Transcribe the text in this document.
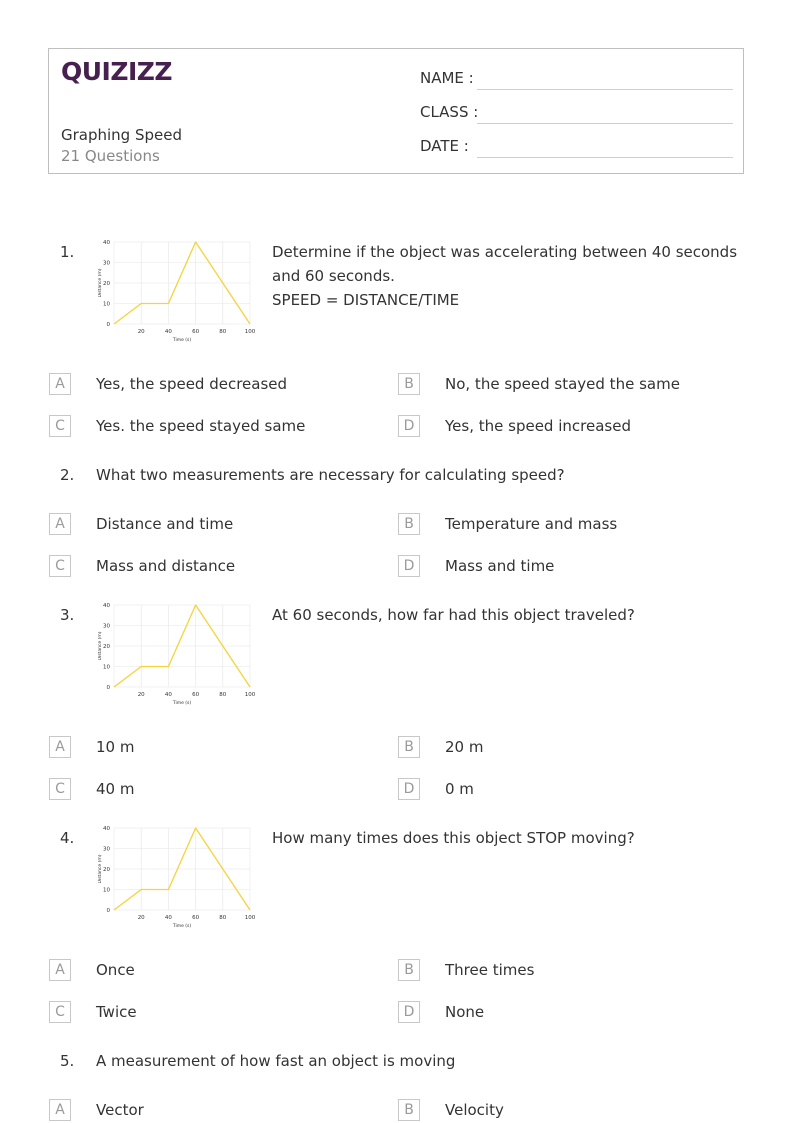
QUIZIZZ
Graphing Speed
21 Questions
NAME :
CLASS :
DATE :
1.
0
10
20
30
40
20	40	60	80	100
Time (s)
Distance (m)
Determine if the object was accelerating between 40 seconds
and 60 seconds.
SPEED = DISTANCE/TIME
A	Yes, the speed decreased	B	No, the speed stayed the same
C	Yes. the speed stayed same	D	Yes, the speed increased
2. What two measurements are necessary for calculating speed?
A	Distance and time	B	Temperature and mass
C	Mass and distance	D	Mass and time
3.
0
10
20
30
40
20	40	60	80	100
Time (s)
Distance (m)
At 60 seconds, how far had this object traveled?
A	10 m	B	20 m
C	40 m	D	0 m
4.
0
10
20
30
40
20	40	60	80	100
Time (s)
Distance (m)
How many times does this object STOP moving?
A	Once	B	Three times
C	Twice	D	None
5. A measurement of how fast an object is moving
A	Vector	B	Velocity
